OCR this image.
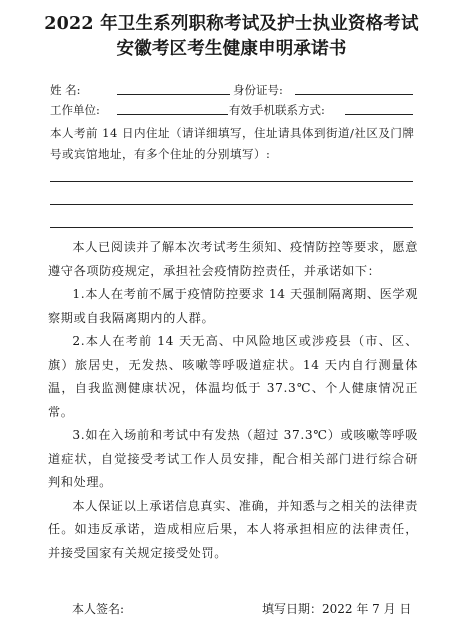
2022 年卫生系列职称考试及护士执业资格考试
安徽考区考生健康申明承诺书
姓 名:	身份证号:
工作单位:	有效手机联系方式:
本人考前 14 日内住址（请详细填写，住址请具体到街道/社区及门牌号或宾馆地址，有多个住址的分别填写）:

本人已阅读并了解本次考试考生须知、疫情防控等要求，愿意遵守各项防疫规定，承担社会疫情防控责任，并承诺如下：

1.本人在考前不属于疫情防控要求 14 天强制隔离期、医学观察期或自我隔离期内的人群。

2.本人在考前 14 天无高、中风险地区或涉疫县（市、区、旗）旅居史，无发热、咳嗽等呼吸道症状。14 天内自行测量体温，自我监测健康状况，体温均低于 37.3℃、个人健康情况正常。

3.如在入场前和考试中有发热（超过 37.3℃）或咳嗽等呼吸道症状，自觉接受考试工作人员安排，配合相关部门进行综合研判和处理。

本人保证以上承诺信息真实、准确，并知悉与之相关的法律责任。如违反承诺，造成相应后果，本人将承担相应的法律责任，并接受国家有关规定接受处罚。

本人签名:	填写日期：2022 年 7 月 日
